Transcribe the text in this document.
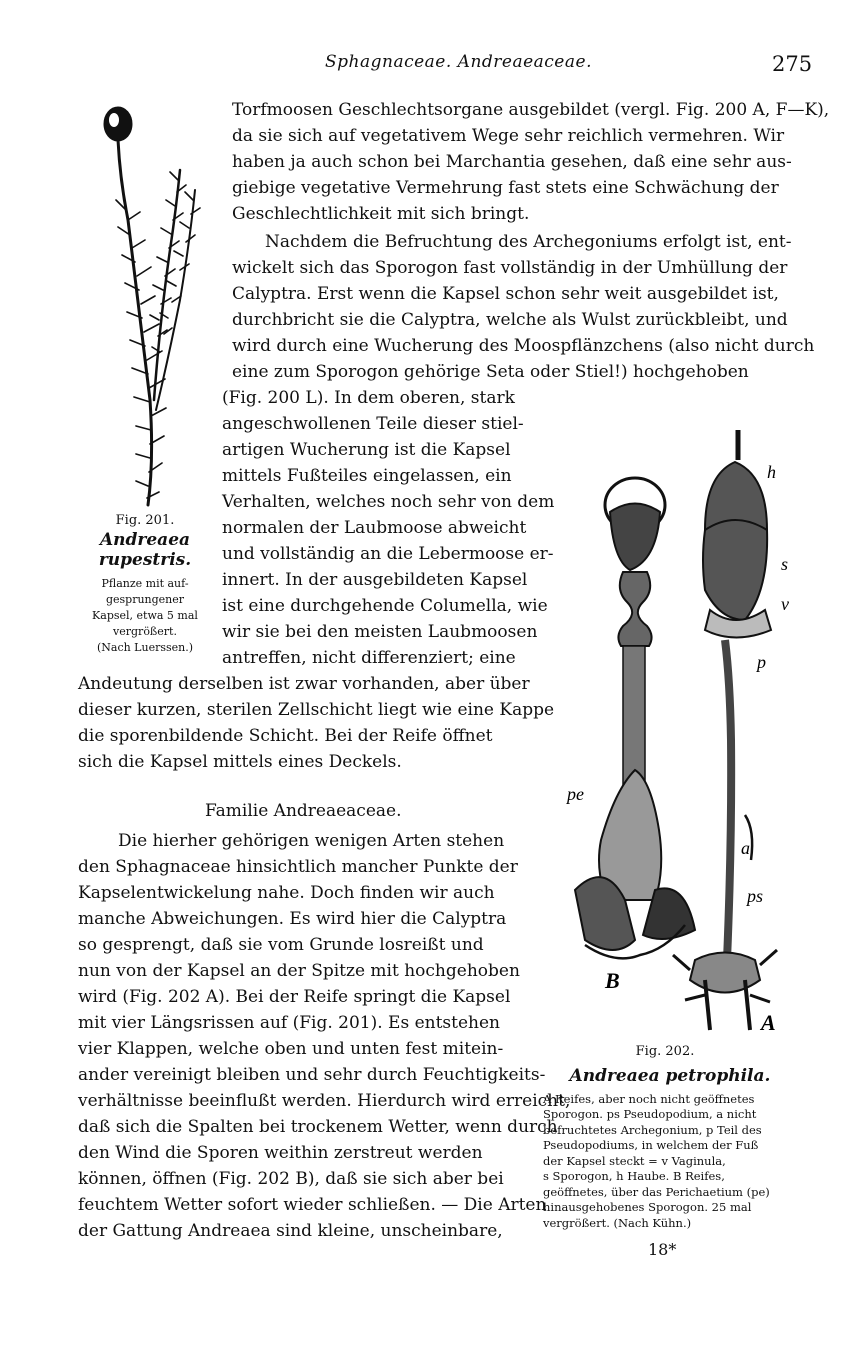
Sphagnaceae. Andreaeaceae.	275
Fig. 201.
Andreaea
rupestris.
Pflanze mit auf-
gesprungener
Kapsel, etwa 5 mal
vergrößert.
(Nach Luerssen.)
Torfmoosen Geschlechtsorgane ausgebildet (vergl. Fig. 200 A, F—K),
da sie sich auf vegetativem Wege sehr reichlich vermehren. Wir
haben ja auch schon bei Marchantia gesehen, daß eine sehr aus-
giebige vegetative Vermehrung fast stets eine Schwächung der
Geschlechtlichkeit mit sich bringt.
Nachdem die Befruchtung des Archegoniums erfolgt ist, ent-
wickelt sich das Sporogon fast vollständig in der Umhüllung der
Calyptra. Erst wenn die Kapsel schon sehr weit ausgebildet ist,
durchbricht sie die Calyptra, welche als Wulst zurückbleibt, und
wird durch eine Wucherung des Moospflänzchens (also nicht durch
eine zum Sporogon gehörige Seta oder Stiel!) hochgehoben
(Fig. 200 L). In dem oberen, stark
angeschwollenen Teile dieser stiel-
artigen Wucherung ist die Kapsel
mittels Fußteiles eingelassen, ein
Verhalten, welches noch sehr von dem
normalen der Laubmoose abweicht
und vollständig an die Lebermoose er-
innert. In der ausgebildeten Kapsel
ist eine durchgehende Columella, wie
wir sie bei den meisten Laubmoosen
antreffen, nicht differenziert; eine
Andeutung derselben ist zwar vorhanden, aber über
dieser kurzen, sterilen Zellschicht liegt wie eine Kappe
die sporenbildende Schicht. Bei der Reife öffnet
sich die Kapsel mittels eines Deckels.
Familie Andreaeaceae.
Die hierher gehörigen wenigen Arten stehen
den Sphagnaceae hinsichtlich mancher Punkte der
Kapselentwickelung nahe. Doch finden wir auch
manche Abweichungen. Es wird hier die Calyptra
so gesprengt, daß sie vom Grunde losreißt und
nun von der Kapsel an der Spitze mit hochgehoben
wird (Fig. 202 A). Bei der Reife springt die Kapsel
mit vier Längsrissen auf (Fig. 201). Es entstehen
vier Klappen, welche oben und unten fest mitein-
ander vereinigt bleiben und sehr durch Feuchtigkeits-
verhältnisse beeinflußt werden. Hierdurch wird erreicht,
daß sich die Spalten bei trockenem Wetter, wenn durch
den Wind die Sporen weithin zerstreut werden
können, öffnen (Fig. 202 B), daß sie sich aber bei
feuchtem Wetter sofort wieder schließen. — Die Arten
der Gattung Andreaea sind kleine, unscheinbare,
h
s
v
p
a
ps
pe
B
A
Fig. 202.
Andreaea petrophila.
A Reifes, aber noch nicht geöffnetes
Sporogon. ps Pseudopodium, a nicht
befruchtetes Archegonium, p Teil des
Pseudopodiums, in welchem der Fuß
der Kapsel steckt = v Vaginula,
s Sporogon, h Haube. B Reifes,
geöffnetes, über das Perichaetium (pe)
hinausgehobenes Sporogon. 25 mal
vergrößert. (Nach Kühn.)
18*
